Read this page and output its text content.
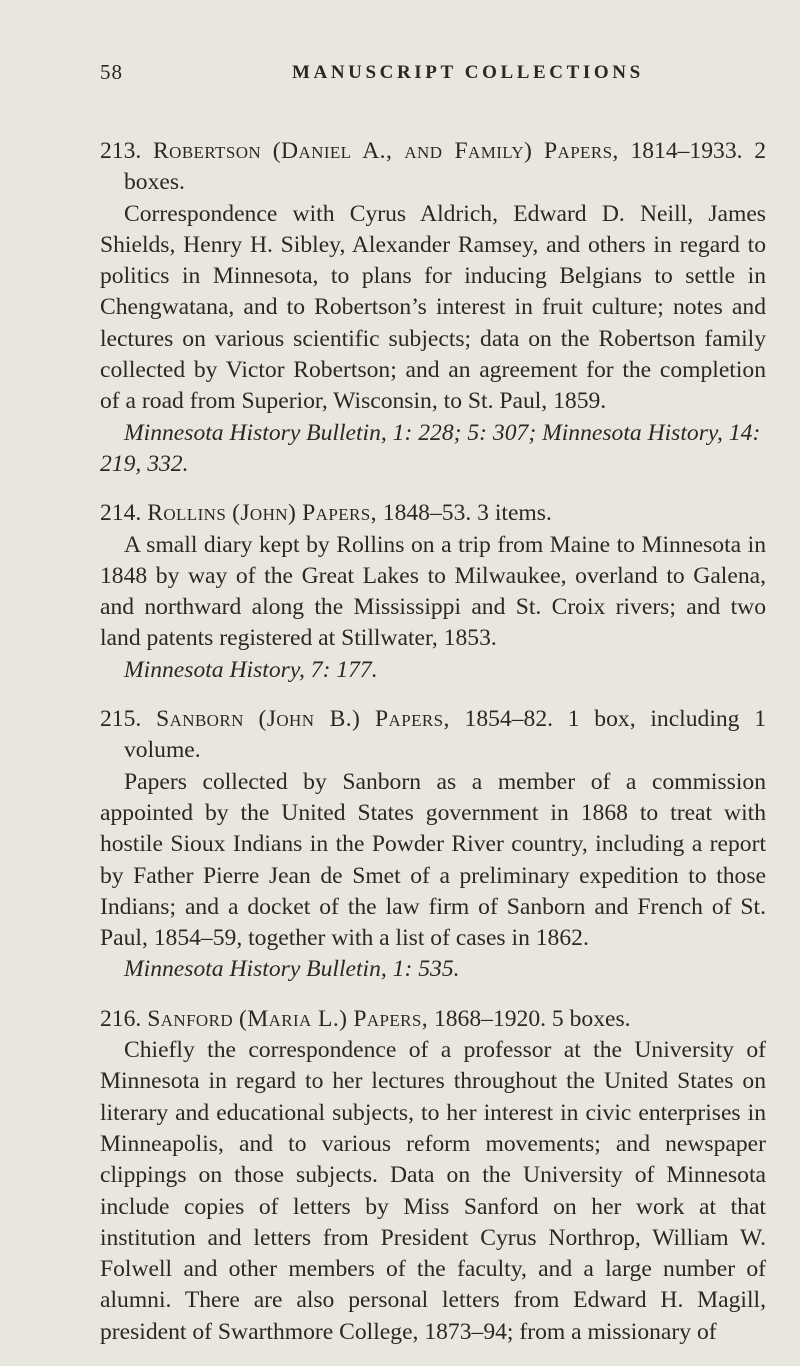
58	MANUSCRIPT COLLECTIONS

213. Robertson (Daniel A., and Family) Papers, 1814–1933. 2 boxes.

Correspondence with Cyrus Aldrich, Edward D. Neill, James Shields, Henry H. Sibley, Alexander Ramsey, and others in regard to politics in Minnesota, to plans for inducing Belgians to settle in Chengwatana, and to Robertson’s interest in fruit culture; notes and lectures on various scientific subjects; data on the Robertson family collected by Victor Robertson; and an agreement for the completion of a road from Superior, Wisconsin, to St. Paul, 1859.

Minnesota History Bulletin, 1: 228; 5: 307; Minnesota History, 14: 219, 332.

214. Rollins (John) Papers, 1848–53. 3 items.

A small diary kept by Rollins on a trip from Maine to Minnesota in 1848 by way of the Great Lakes to Milwaukee, overland to Galena, and northward along the Mississippi and St. Croix rivers; and two land patents registered at Stillwater, 1853.

Minnesota History, 7: 177.

215. Sanborn (John B.) Papers, 1854–82. 1 box, including 1 volume.

Papers collected by Sanborn as a member of a commission appointed by the United States government in 1868 to treat with hostile Sioux Indians in the Powder River country, including a report by Father Pierre Jean de Smet of a preliminary expedition to those Indians; and a docket of the law firm of Sanborn and French of St. Paul, 1854–59, together with a list of cases in 1862.

Minnesota History Bulletin, 1: 535.

216. Sanford (Maria L.) Papers, 1868–1920. 5 boxes.

Chiefly the correspondence of a professor at the University of Minnesota in regard to her lectures throughout the United States on literary and educational subjects, to her interest in civic enterprises in Minneapolis, and to various reform movements; and newspaper clippings on those subjects. Data on the University of Minnesota include copies of letters by Miss Sanford on her work at that institution and letters from President Cyrus Northrop, William W. Folwell and other members of the faculty, and a large number of alumni. There are also personal letters from Edward H. Magill, president of Swarthmore College, 1873–94; from a missionary of
